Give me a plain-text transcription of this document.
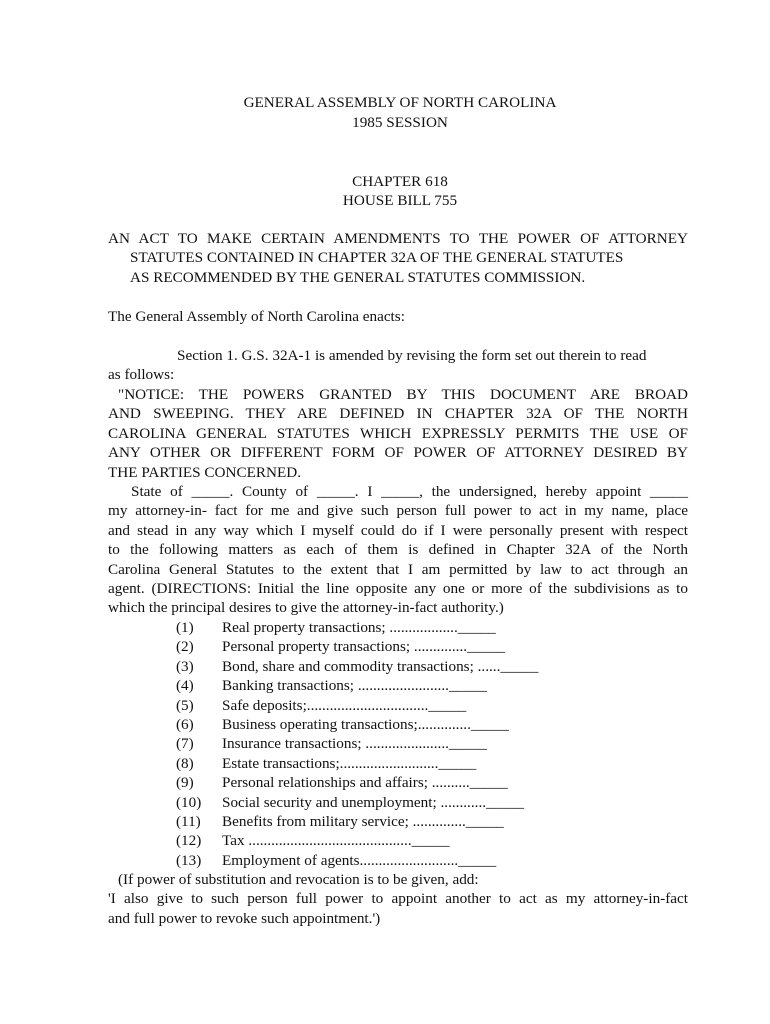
GENERAL ASSEMBLY OF NORTH CAROLINA
1985 SESSION
CHAPTER 618
HOUSE BILL 755
AN ACT TO MAKE CERTAIN AMENDMENTS TO THE POWER OF ATTORNEY
STATUTES CONTAINED IN CHAPTER 32A OF THE GENERAL STATUTES
AS RECOMMENDED BY THE GENERAL STATUTES COMMISSION.
The General Assembly of North Carolina enacts:
Section 1. G.S. 32A-1 is amended by revising the form set out therein to read
as follows:
"NOTICE: THE POWERS GRANTED BY THIS DOCUMENT ARE BROAD
AND SWEEPING. THEY ARE DEFINED IN CHAPTER 32A OF THE NORTH
CAROLINA GENERAL STATUTES WHICH EXPRESSLY PERMITS THE USE OF
ANY OTHER OR DIFFERENT FORM OF POWER OF ATTORNEY DESIRED BY
THE PARTIES CONCERNED.
State of _____. County of _____. I _____, the undersigned, hereby appoint _____
my attorney-in- fact for me and give such person full power to act in my name, place
and stead in any way which I myself could do if I were personally present with respect
to the following matters as each of them is defined in Chapter 32A of the North
Carolina General Statutes to the extent that I am permitted by law to act through an
agent. (DIRECTIONS: Initial the line opposite any one or more of the subdivisions as to
which the principal desires to give the attorney-in-fact authority.)
(1) Real property transactions; .................._____
(2) Personal property transactions; .............._____
(3) Bond, share and commodity transactions; ......_____
(4) Banking transactions; ........................_____
(5) Safe deposits;................................_____
(6) Business operating transactions;.............._____
(7) Insurance transactions; ......................_____
(8) Estate transactions;.........................._____
(9) Personal relationships and affairs; .........._____
(10) Social security and unemployment; ............_____
(11) Benefits from military service; .............._____
(12) Tax ..........................................._____
(13) Employment of agents.........................._____
(If power of substitution and revocation is to be given, add:
'I also give to such person full power to appoint another to act as my attorney-in-fact
and full power to revoke such appointment.')
